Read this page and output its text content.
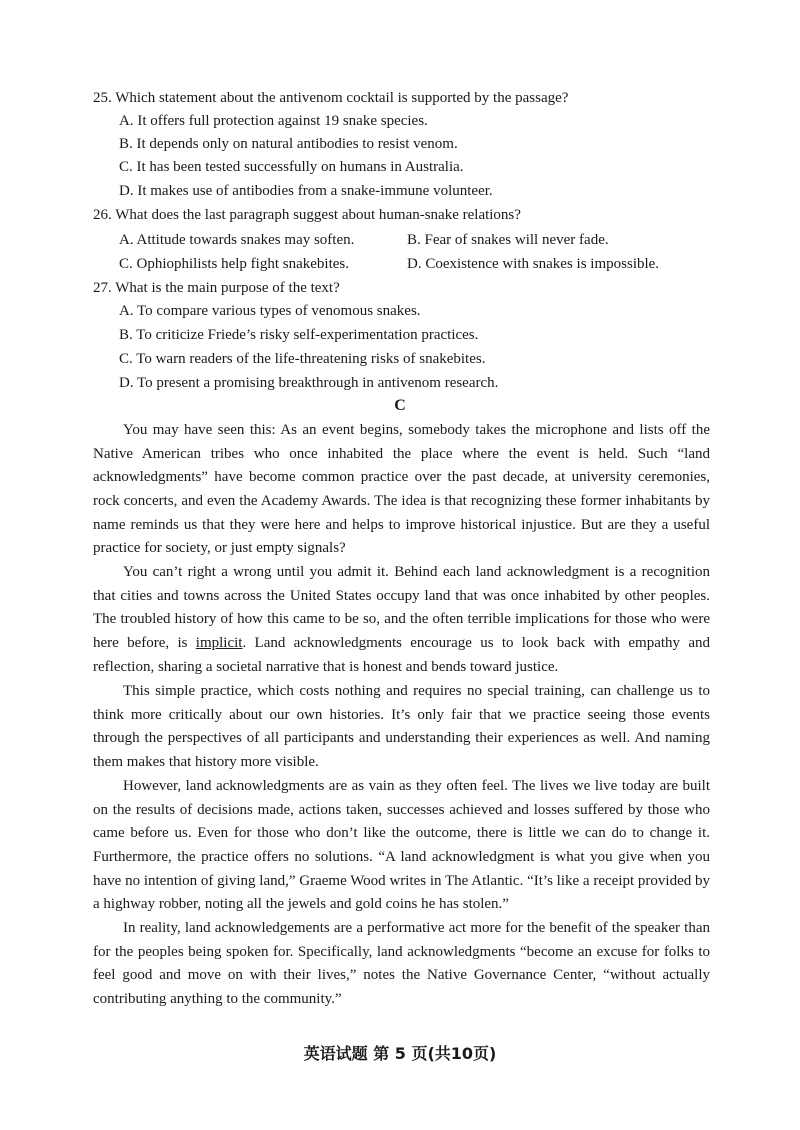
25. Which statement about the antivenom cocktail is supported by the passage?
A. It offers full protection against 19 snake species.
B. It depends only on natural antibodies to resist venom.
C. It has been tested successfully on humans in Australia.
D. It makes use of antibodies from a snake-immune volunteer.
26. What does the last paragraph suggest about human-snake relations?
A. Attitude towards snakes may soften.	B. Fear of snakes will never fade.
C. Ophiophilists help fight snakebites.	D. Coexistence with snakes is impossible.
27. What is the main purpose of the text?
A. To compare various types of venomous snakes.
B. To criticize Friede’s risky self-experimentation practices.
C. To warn readers of the life-threatening risks of snakebites.
D. To present a promising breakthrough in antivenom research.
C

You may have seen this: As an event begins, somebody takes the microphone and lists off the Native American tribes who once inhabited the place where the event is held. Such “land acknowledgments” have become common practice over the past decade, at university ceremonies, rock concerts, and even the Academy Awards. The idea is that recognizing these former inhabitants by name reminds us that they were here and helps to improve historical injustice. But are they a useful practice for society, or just empty signals?

You can’t right a wrong until you admit it. Behind each land acknowledgment is a recognition that cities and towns across the United States occupy land that was once inhabited by other peoples. The troubled history of how this came to be so, and the often terrible implications for those who were here before, is implicit. Land acknowledgments encourage us to look back with empathy and reflection, sharing a societal narrative that is honest and bends toward justice.

This simple practice, which costs nothing and requires no special training, can challenge us to think more critically about our own histories. It’s only fair that we practice seeing those events through the perspectives of all participants and understanding their experiences as well. And naming them makes that history more visible.

However, land acknowledgments are as vain as they often feel. The lives we live today are built on the results of decisions made, actions taken, successes achieved and losses suffered by those who came before us. Even for those who don’t like the outcome, there is little we can do to change it. Furthermore, the practice offers no solutions. “A land acknowledgment is what you give when you have no intention of giving land,” Graeme Wood writes in The Atlantic. “It’s like a receipt provided by a highway robber, noting all the jewels and gold coins he has stolen.”

In reality, land acknowledgements are a performative act more for the benefit of the speaker than for the peoples being spoken for. Specifically, land acknowledgments “become an excuse for folks to feel good and move on with their lives,” notes the Native Governance Center, “without actually contributing anything to the community.”

英语试题 第 5 页(共10页)
